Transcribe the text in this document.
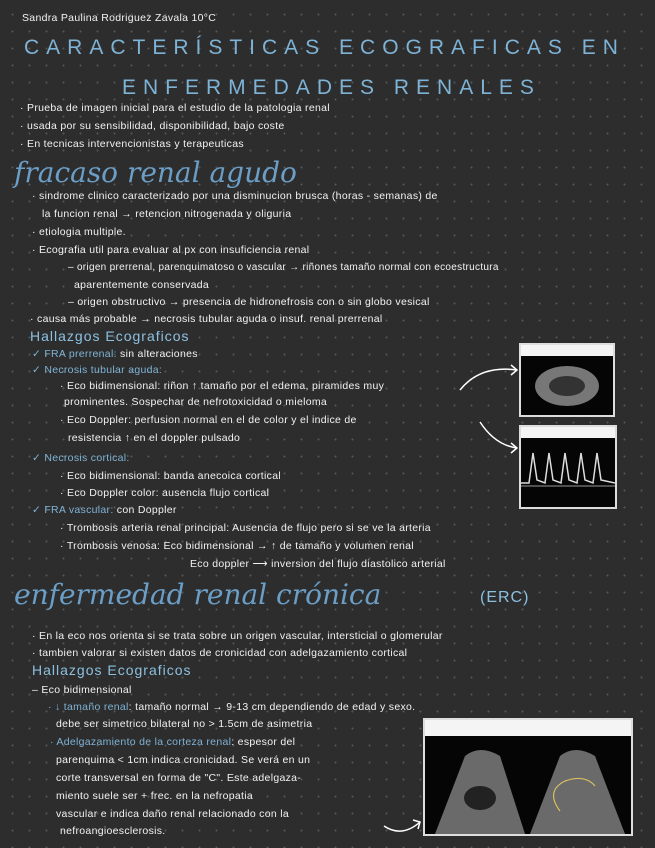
Sandra Paulina Rodriguez Zavala 10°C
CARACTERÍSTICAS ECOGRAFICAS EN
ENFERMEDADES RENALES
· Prueba de imagen inicial para el estudio de la patologia renal
· usada por su sensibilidad, disponibilidad, bajo coste
· En tecnicas intervencionistas y terapeuticas
fracaso renal agudo
· sindrome clinico caracterizado por una disminucion brusca (horas - semanas) de
la funcion renal → retencion nitrogenada y oliguria
· etiologia multiple.
· Ecografia util para evaluar al px con insuficiencia renal
– origen prerrenal, parenquimatoso o vascular → riñones tamaño normal con ecoestructura
aparentemente conservada
– origen obstructivo → presencia de hidronefrosis con o sin globo vesical
· causa más probable → necrosis tubular aguda o insuf. renal prerrenal
Hallazgos Ecograficos
✓ FRA prerrenal: sin alteraciones
✓ Necrosis tubular aguda:
· Eco bidimensional: riñon ↑ tamaño por el edema, piramides muy
prominentes. Sospechar de nefrotoxicidad o mieloma
· Eco Doppler: perfusion normal en el de color y el indice de
resistencia ↑ en el doppler pulsado
✓ Necrosis cortical:
· Eco bidimensional: banda anecoica cortical
· Eco Doppler color: ausencia flujo cortical
✓ FRA vascular: con Doppler
· Trombosis arteria renal principal: Ausencia de flujo pero si se ve la arteria
· Trombosis venosa: Eco bidimensional → ↑ de tamaño y volumen renal
Eco doppler ⟶ inversion del flujo diastolico arterial
enfermedad renal crónica	(ERC)
· En la eco nos orienta si se trata sobre un origen vascular, intersticial o glomerular
· tambien valorar si existen datos de cronicidad con adelgazamiento cortical
Hallazgos Ecograficos
– Eco bidimensional
· ↓ tamaño renal: tamaño normal → 9-13 cm dependiendo de edad y sexo.
debe ser simetrico bilateral no > 1.5cm de asimetria
· Adelgazamiento de la corteza renal: espesor del
parenquima < 1cm indica cronicidad. Se verá en un
corte transversal en forma de "C". Este adelgaza-
miento suele ser + frec. en la nefropatia
vascular e indica daño renal relacionado con la
nefroangioesclerosis.
